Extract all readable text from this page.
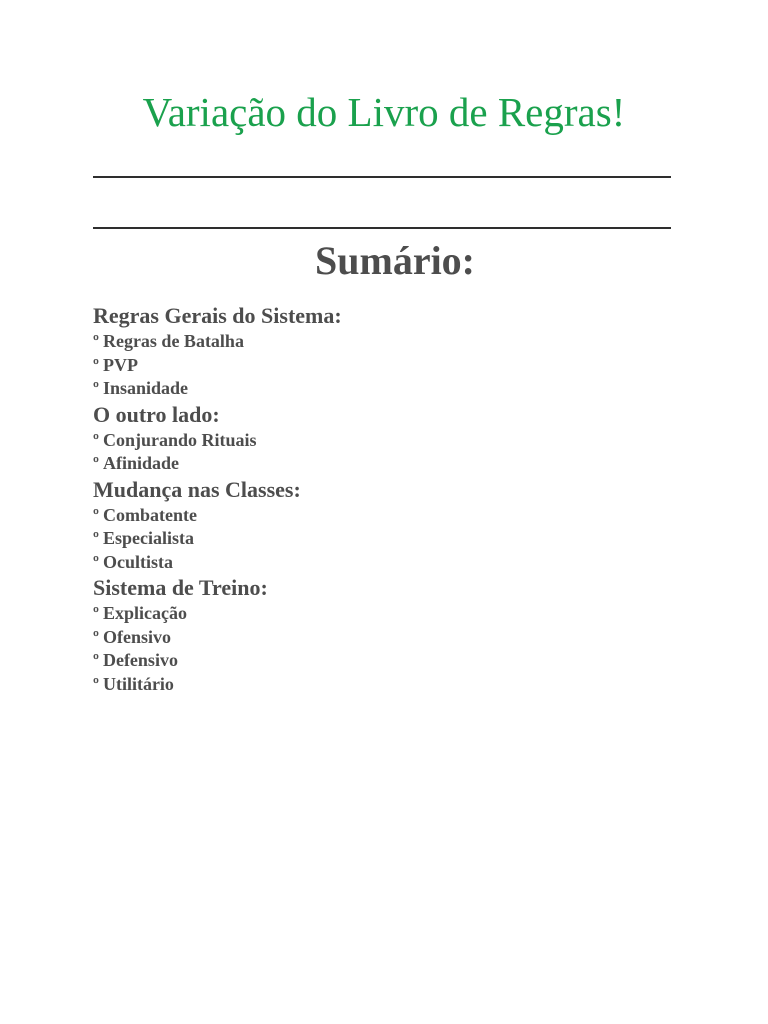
Variação do Livro de Regras!
Sumário:

Regras Gerais do Sistema:

º Regras de Batalha

º PVP

º Insanidade

O outro lado:

º Conjurando Rituais

º Afinidade

Mudança nas Classes:

º Combatente

º Especialista

º Ocultista

Sistema de Treino:

º Explicação

º Ofensivo

º Defensivo

º Utilitário
